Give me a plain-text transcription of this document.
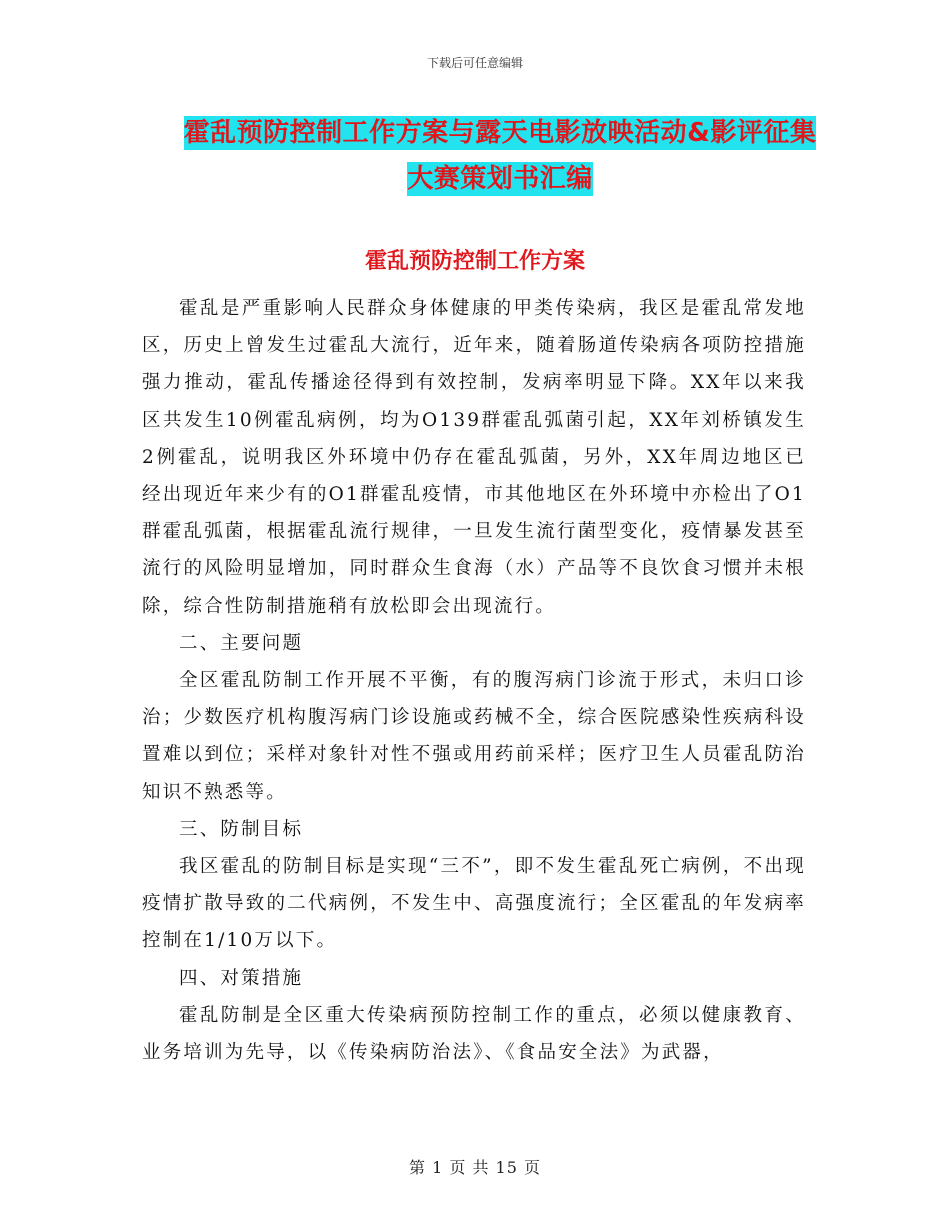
下载后可任意编辑
霍乱预防控制工作方案与露天电影放映活动&影评征集
大赛策划书汇编
霍乱预防控制工作方案

霍乱是严重影响人民群众身体健康的甲类传染病，我区是霍乱常发地区，历史上曾发生过霍乱大流行，近年来，随着肠道传染病各项防控措施强力推动，霍乱传播途径得到有效控制，发病率明显下降。XX年以来我区共发生10例霍乱病例，均为O139群霍乱弧菌引起，XX年刘桥镇发生2例霍乱，说明我区外环境中仍存在霍乱弧菌，另外，XX年周边地区已经出现近年来少有的O1群霍乱疫情，市其他地区在外环境中亦检出了O1群霍乱弧菌，根据霍乱流行规律，一旦发生流行菌型变化，疫情暴发甚至流行的风险明显增加，同时群众生食海（水）产品等不良饮食习惯并未根除，综合性防制措施稍有放松即会出现流行。

二、主要问题

全区霍乱防制工作开展不平衡，有的腹泻病门诊流于形式，未归口诊治；少数医疗机构腹泻病门诊设施或药械不全，综合医院感染性疾病科设置难以到位；采样对象针对性不强或用药前采样；医疗卫生人员霍乱防治知识不熟悉等。

三、防制目标

我区霍乱的防制目标是实现“三不”，即不发生霍乱死亡病例，不出现疫情扩散导致的二代病例，不发生中、高强度流行；全区霍乱的年发病率控制在1/10万以下。

四、对策措施

霍乱防制是全区重大传染病预防控制工作的重点，必须以健康教育、业务培训为先导，以《传染病防治法》、《食品安全法》为武器，

第 1 页 共 15 页
